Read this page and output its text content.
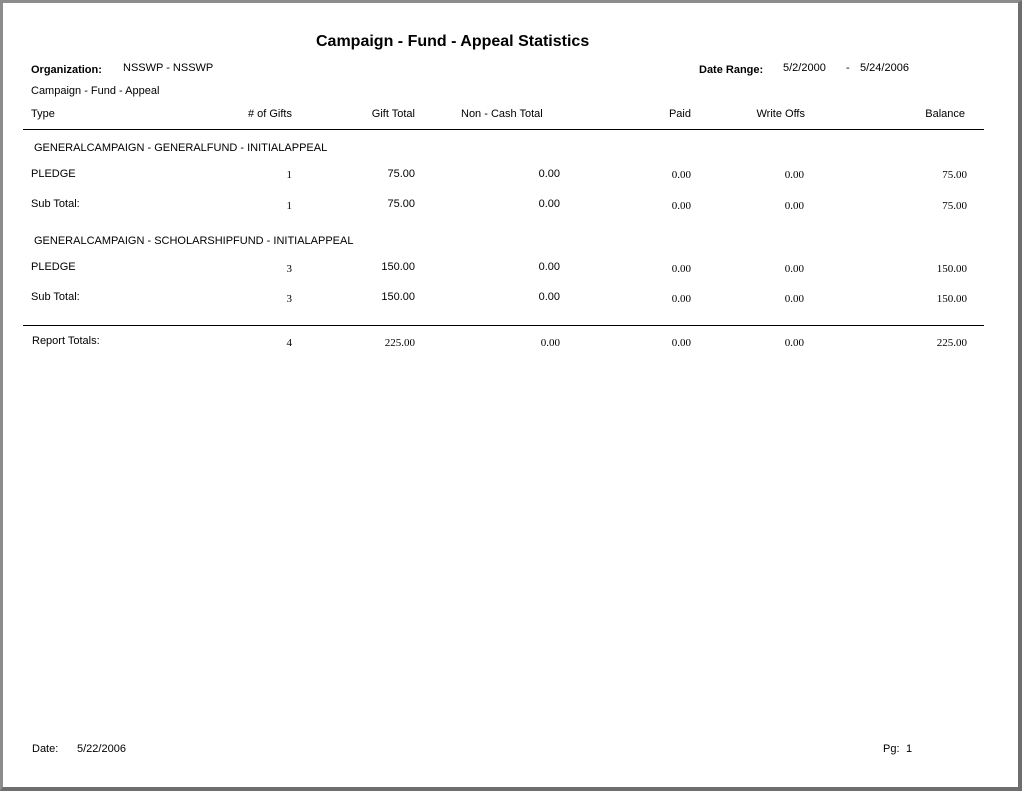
Campaign - Fund - Appeal Statistics
Organization: NSSWP - NSSWP	Date Range: 5/2/2000 - 5/24/2006
Campaign - Fund - Appeal
Type	# of Gifts	Gift Total	Non - Cash Total	Paid	Write Offs	Balance
GENERALCAMPAIGN - GENERALFUND - INITIALAPPEAL
PLEDGE	1	75.00	0.00	0.00	0.00	75.00
Sub Total:	1	75.00	0.00	0.00	0.00	75.00
GENERALCAMPAIGN - SCHOLARSHIPFUND - INITIALAPPEAL
PLEDGE	3	150.00	0.00	0.00	0.00	150.00
Sub Total:	3	150.00	0.00	0.00	0.00	150.00
Report Totals:	4	225.00	0.00	0.00	0.00	225.00
Date: 5/22/2006	Pg: 1
